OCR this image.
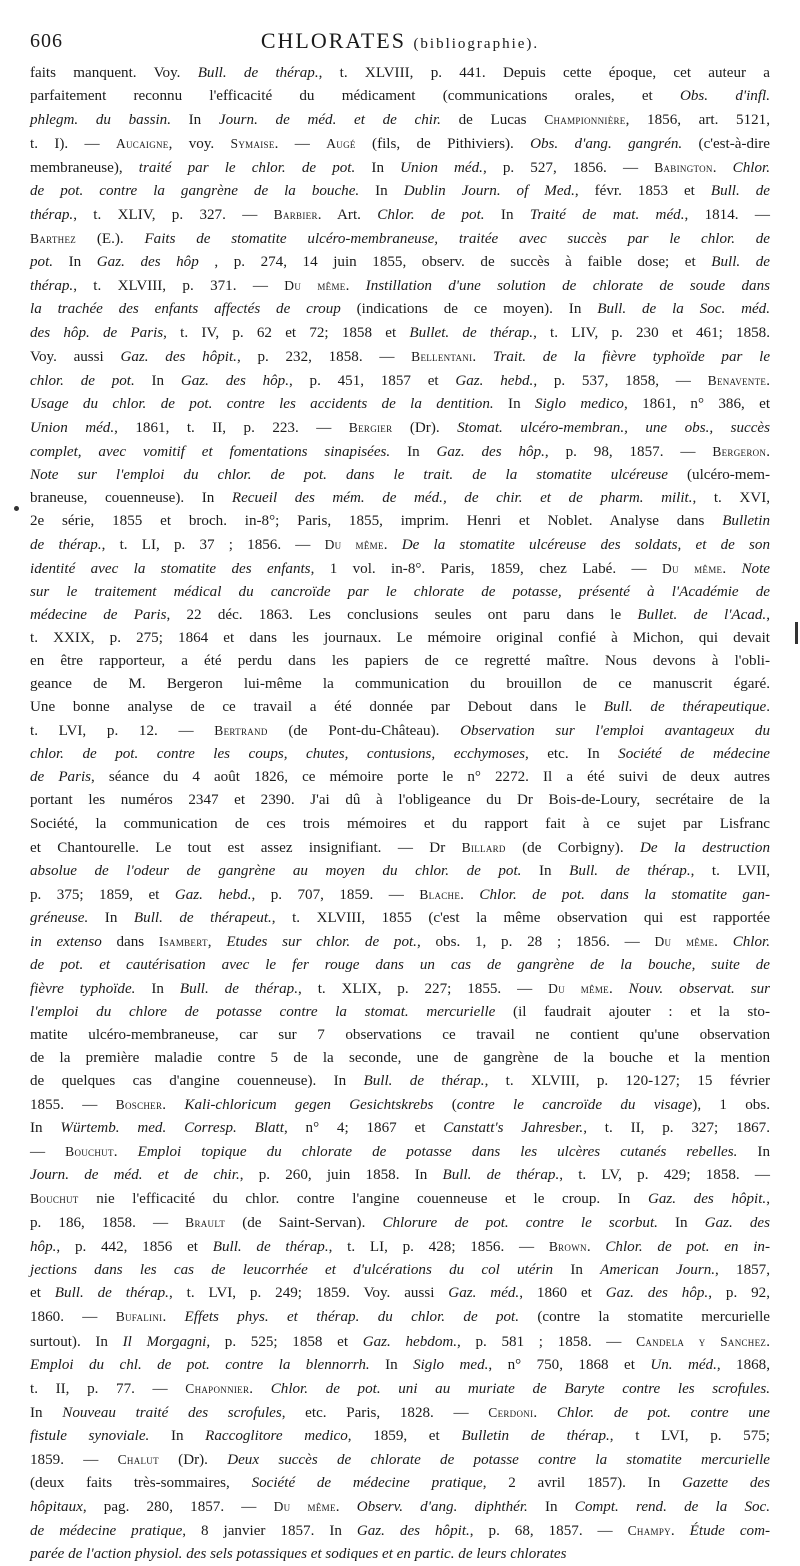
606	CHLORATES (bibliographie).

faits manquent. Voy. Bull. de thérap., t. XLVIII, p. 441. Depuis cette époque, cet auteur a

parfaitement reconnu l'efficacité du médicament (communications orales, et Obs. d'infl.

phlegm. du bassin. In Journ. de méd. et de chir. de Lucas Championnière, 1856, art. 5121,

t. I). — Aucaigne, voy. Symaise. — Augé (fils, de Pithiviers). Obs. d'ang. gangrén. (c'est-à-dire

membraneuse), traité par le chlor. de pot. In Union méd., p. 527, 1856. — Babington. Chlor.

de pot. contre la gangrène de la bouche. In Dublin Journ. of Med., févr. 1853 et Bull. de

thérap., t. XLIV, p. 327. — Barbier. Art. Chlor. de pot. In Traité de mat. méd., 1814. —

Barthez (E.). Faits de stomatite ulcéro-membraneuse, traitée avec succès par le chlor. de

pot. In Gaz. des hôp , p. 274, 14 juin 1855, observ. de succès à faible dose; et Bull. de

thérap., t. XLVIII, p. 371. — Du même. Instillation d'une solution de chlorate de soude dans

la trachée des enfants affectés de croup (indications de ce moyen). In Bull. de la Soc. méd.

des hôp. de Paris, t. IV, p. 62 et 72; 1858 et Bullet. de thérap., t. LIV, p. 230 et 461; 1858.

Voy. aussi Gaz. des hôpit., p. 232, 1858. — Bellentani. Trait. de la fièvre typhoïde par le

chlor. de pot. In Gaz. des hôp., p. 451, 1857 et Gaz. hebd., p. 537, 1858, — Benavente.

Usage du chlor. de pot. contre les accidents de la dentition. In Siglo medico, 1861, n° 386, et

Union méd., 1861, t. II, p. 223. — Bergier (Dr). Stomat. ulcéro-membran., une obs., succès

complet, avec vomitif et fomentations sinapisées. In Gaz. des hôp., p. 98, 1857. — Bergeron.

Note sur l'emploi du chlor. de pot. dans le trait. de la stomatite ulcéreuse (ulcéro-mem-

braneuse, couenneuse). In Recueil des mém. de méd., de chir. et de pharm. milit., t. XVI,

2e série, 1855 et broch. in-8°; Paris, 1855, imprim. Henri et Noblet. Analyse dans Bulletin

de thérap., t. LI, p. 37 ; 1856. — Du même. De la stomatite ulcéreuse des soldats, et de son

identité avec la stomatite des enfants, 1 vol. in-8°. Paris, 1859, chez Labé. — Du même. Note

sur le traitement médical du cancroïde par le chlorate de potasse, présenté à l'Académie de

médecine de Paris, 22 déc. 1863. Les conclusions seules ont paru dans le Bullet. de l'Acad.,

t. XXIX, p. 275; 1864 et dans les journaux. Le mémoire original confié à Michon, qui devait

en être rapporteur, a été perdu dans les papiers de ce regretté maître. Nous devons à l'obli-

geance de M. Bergeron lui-même la communication du brouillon de ce manuscrit égaré.

Une bonne analyse de ce travail a été donnée par Debout dans le Bull. de thérapeutique.

t. LVI, p. 12. — Bertrand (de Pont-du-Château). Observation sur l'emploi avantageux du

chlor. de pot. contre les coups, chutes, contusions, ecchymoses, etc. In Société de médecine

de Paris, séance du 4 août 1826, ce mémoire porte le n° 2272. Il a été suivi de deux autres

portant les numéros 2347 et 2390. J'ai dû à l'obligeance du Dr Bois-de-Loury, secrétaire de la

Société, la communication de ces trois mémoires et du rapport fait à ce sujet par Lisfranc

et Chantourelle. Le tout est assez insignifiant. — Dr Billard (de Corbigny). De la destruction

absolue de l'odeur de gangrène au moyen du chlor. de pot. In Bull. de thérap., t. LVII,

p. 375; 1859, et Gaz. hebd., p. 707, 1859. — Blache. Chlor. de pot. dans la stomatite gan-

gréneuse. In Bull. de thérapeut., t. XLVIII, 1855 (c'est la même observation qui est rapportée

in extenso dans Isambert, Etudes sur chlor. de pot., obs. 1, p. 28 ; 1856. — Du même. Chlor.

de pot. et cautérisation avec le fer rouge dans un cas de gangrène de la bouche, suite de

fièvre typhoïde. In Bull. de thérap., t. XLIX, p. 227; 1855. — Du même. Nouv. observat. sur

l'emploi du chlore de potasse contre la stomat. mercurielle (il faudrait ajouter : et la sto-

matite ulcéro-membraneuse, car sur 7 observations ce travail ne contient qu'une observation

de la première maladie contre 5 de la seconde, une de gangrène de la bouche et la mention

de quelques cas d'angine couenneuse). In Bull. de thérap., t. XLVIII, p. 120-127; 15 février

1855. — Boscher. Kali-chloricum gegen Gesichtskrebs (contre le cancroïde du visage), 1 obs.

In Würtemb. med. Corresp. Blatt, n° 4; 1867 et Canstatt's Jahresber., t. II, p. 327; 1867.

— Bouchut. Emploi topique du chlorate de potasse dans les ulcères cutanés rebelles. In

Journ. de méd. et de chir., p. 260, juin 1858. In Bull. de thérap., t. LV, p. 429; 1858. —

Bouchut nie l'efficacité du chlor. contre l'angine couenneuse et le croup. In Gaz. des hôpit.,

p. 186, 1858. — Brault (de Saint-Servan). Chlorure de pot. contre le scorbut. In Gaz. des

hôp., p. 442, 1856 et Bull. de thérap., t. LI, p. 428; 1856. — Brown. Chlor. de pot. en in-

jections dans les cas de leucorrhée et d'ulcérations du col utérin In American Journ., 1857,

et Bull. de thérap., t. LVI, p. 249; 1859. Voy. aussi Gaz. méd., 1860 et Gaz. des hôp., p. 92,

1860. — Bufalini. Effets phys. et thérap. du chlor. de pot. (contre la stomatite mercurielle

surtout). In Il Morgagni, p. 525; 1858 et Gaz. hebdom., p. 581 ; 1858. — Candela y Sanchez.

Emploi du chl. de pot. contre la blennorrh. In Siglo med., n° 750, 1868 et Un. méd., 1868,

t. II, p. 77. — Chaponnier. Chlor. de pot. uni au muriate de Baryte contre les scrofules.

In Nouveau traité des scrofules, etc. Paris, 1828. — Cerdoni. Chlor. de pot. contre une

fistule synoviale. In Raccoglitore medico, 1859, et Bulletin de thérap., t LVI, p. 575;

1859. — Chalut (Dr). Deux succès de chlorate de potasse contre la stomatite mercurielle

(deux faits très-sommaires, Société de médecine pratique, 2 avril 1857). In Gazette des

hôpitaux, pag. 280, 1857. — Du même. Observ. d'ang. diphthér. In Compt. rend. de la Soc.

de médecine pratique, 8 janvier 1857. In Gaz. des hôpit., p. 68, 1857. — Champy. Étude com-

parée de l'action physiol. des sels potassiques et sodiques et en partic. de leurs chlorates
